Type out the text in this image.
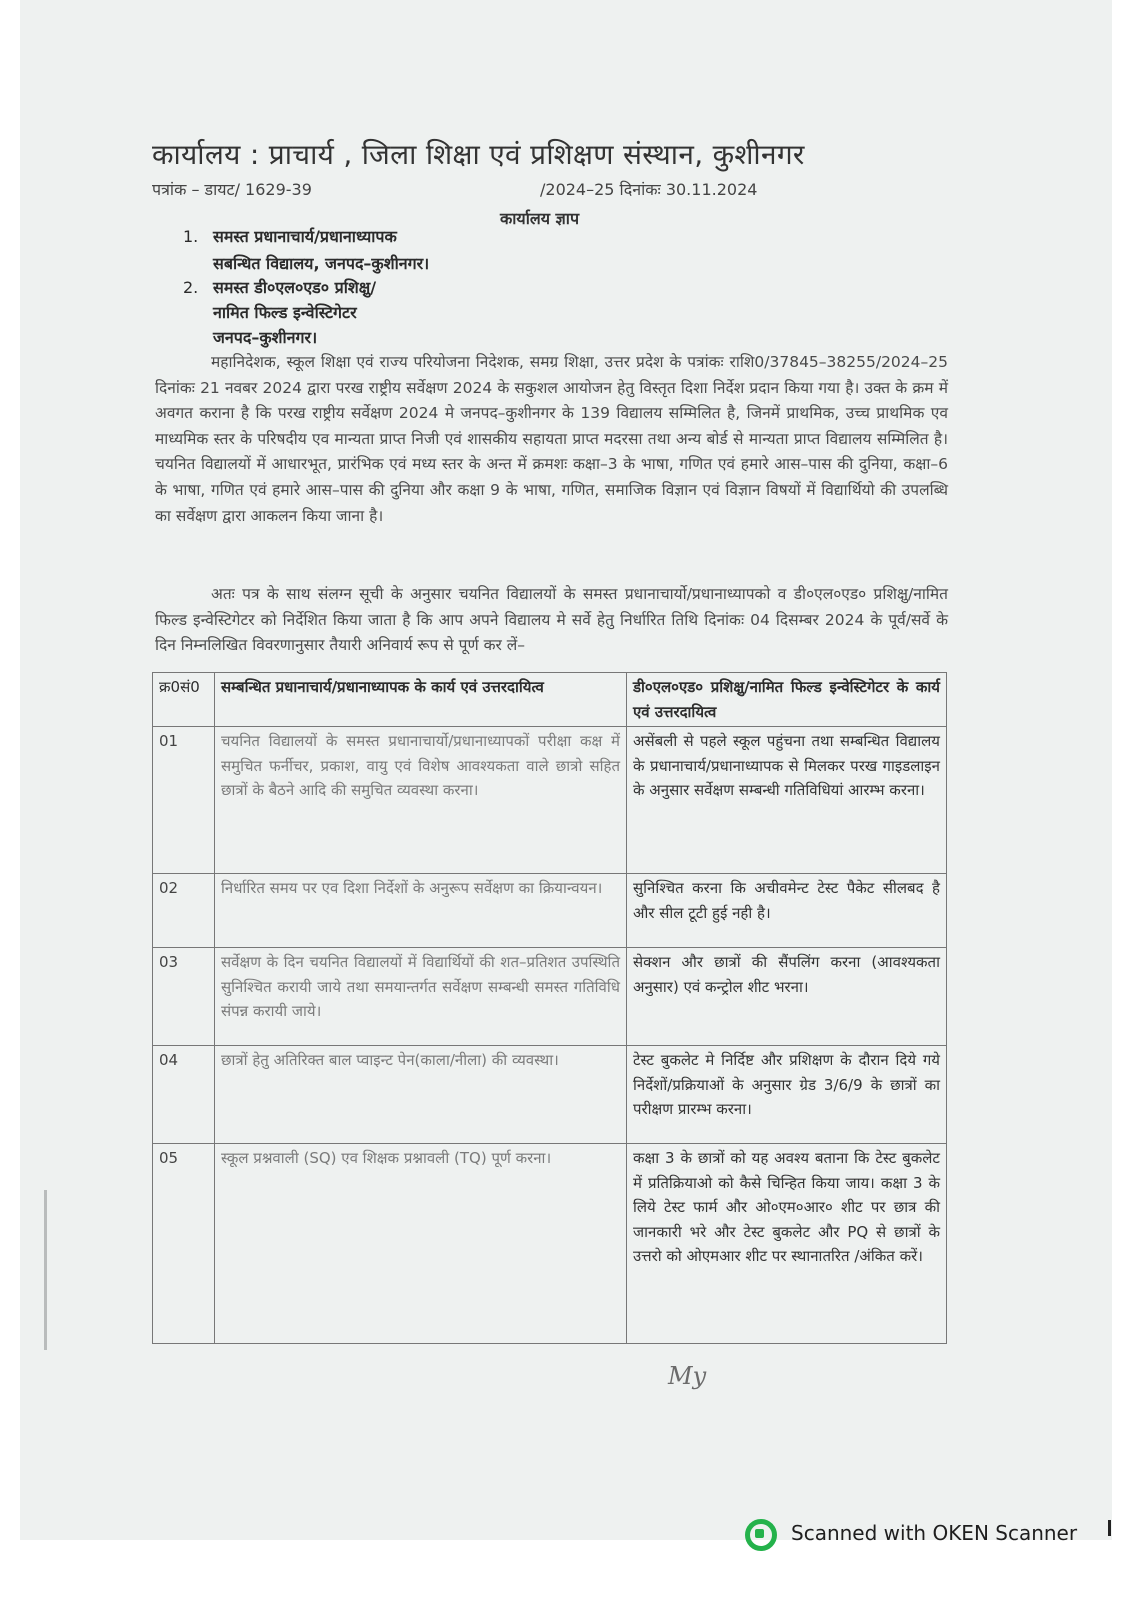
कार्यालय : प्राचार्य , जिला शिक्षा एवं प्रशिक्षण संस्थान, कुशीनगर
पत्रांक – डायट/ 1629-39	/2024–25 दिनांकः 30.11.2024
कार्यालय ज्ञाप
1. समस्त प्रधानाचार्य/प्रधानाध्यापक
सबन्धित विद्यालय, जनपद–कुशीनगर।
2. समस्त डी०एल०एड० प्रशिक्षु/
नामित फिल्ड इन्वेस्टिगेटर
जनपद–कुशीनगर।

महानिदेशक, स्कूल शिक्षा एवं राज्य परियोजना निदेशक, समग्र शिक्षा, उत्तर प्रदेश के पत्रांकः राशि0/37845–38255/2024–25 दिनांकः 21 नवबर 2024 द्वारा परख राष्ट्रीय सर्वेक्षण 2024 के सकुशल आयोजन हेतु विस्तृत दिशा निर्देश प्रदान किया गया है। उक्त के क्रम में अवगत कराना है कि परख राष्ट्रीय सर्वेक्षण 2024 मे जनपद–कुशीनगर के 139 विद्यालय सम्मिलित है, जिनमें प्राथमिक, उच्च प्राथमिक एव माध्यमिक स्तर के परिषदीय एव मान्यता प्राप्त निजी एवं शासकीय सहायता प्राप्त मदरसा तथा अन्य बोर्ड से मान्यता प्राप्त विद्यालय सम्मिलित है। चयनित विद्यालयों में आधारभूत, प्रारंभिक एवं मध्य स्तर के अन्त में क्रमशः कक्षा–3 के भाषा, गणित एवं हमारे आस–पास की दुनिया, कक्षा–6 के भाषा, गणित एवं हमारे आस–पास की दुनिया और कक्षा 9 के भाषा, गणित, समाजिक विज्ञान एवं विज्ञान विषयों में विद्यार्थियो की उपलब्धि का सर्वेक्षण द्वारा आकलन किया जाना है।

अतः पत्र के साथ संलग्न सूची के अनुसार चयनित विद्यालयों के समस्त प्रधानाचार्यो/प्रधानाध्यापको व डी०एल०एड० प्रशिक्षु/नामित फिल्ड इन्वेस्टिगेटर को निर्देशित किया जाता है कि आप अपने विद्यालय मे सर्वे हेतु निर्धारित तिथि दिनांकः 04 दिसम्बर 2024 के पूर्व/सर्वे के दिन निम्नलिखित विवरणानुसार तैयारी अनिवार्य रूप से पूर्ण कर लें–

क्र0सं0	सम्बन्धित प्रधानाचार्य/प्रधानाध्यापक के कार्य एवं उत्तरदायित्व	डी०एल०एड० प्रशिक्षु/नामित फिल्ड इन्वेस्टिगेटर के कार्य एवं उत्तरदायित्व
01	चयनित विद्यालयों के समस्त प्रधानाचार्यो/प्रधानाध्यापकों परीक्षा कक्ष में समुचित फर्नीचर, प्रकाश, वायु एवं विशेष आवश्यकता वाले छात्रो सहित छात्रों के बैठने आदि की समुचित व्यवस्था करना।	असेंबली से पहले स्कूल पहुंचना तथा सम्बन्धित विद्यालय के प्रधानाचार्य/प्रधानाध्यापक से मिलकर परख गाइडलाइन के अनुसार सर्वेक्षण सम्बन्धी गतिविधियां आरम्भ करना।
02	निर्धारित समय पर एव दिशा निर्देशों के अनुरूप सर्वेक्षण का क्रियान्वयन।	सुनिश्चित करना कि अचीवमेन्ट टेस्ट पैकेट सीलबद है और सील टूटी हुई नही है।
03	सर्वेक्षण के दिन चयनित विद्यालयों में विद्यार्थियों की शत–प्रतिशत उपस्थिति सुनिश्चित करायी जाये तथा समयान्तर्गत सर्वेक्षण सम्बन्धी समस्त गतिविधि संपन्न करायी जाये।	सेक्शन और छात्रों की सैंपलिंग करना (आवश्यकता अनुसार) एवं कन्ट्रोल शीट भरना।
04	छात्रों हेतु अतिरिक्त बाल प्वाइन्ट पेन(काला/नीला) की व्यवस्था।	टेस्ट बुकलेट मे निर्दिष्ट और प्रशिक्षण के दौरान दिये गये निर्देशों/प्रक्रियाओं के अनुसार ग्रेड 3/6/9 के छात्रों का परीक्षण प्रारम्भ करना।
05	स्कूल प्रश्नवाली (SQ) एव शिक्षक प्रश्नावली (TQ) पूर्ण करना।	कक्षा 3 के छात्रों को यह अवश्य बताना कि टेस्ट बुकलेट में प्रतिक्रियाओ को कैसे चिन्हित किया जाय। कक्षा 3 के लिये टेस्ट फार्म और ओ०एम०आर० शीट पर छात्र की जानकारी भरे और टेस्ट बुकलेट और PQ से छात्रों के उत्तरो को ओएमआर शीट पर स्थानातरित /अंकित करें।
My
Scanned with OKEN Scanner
